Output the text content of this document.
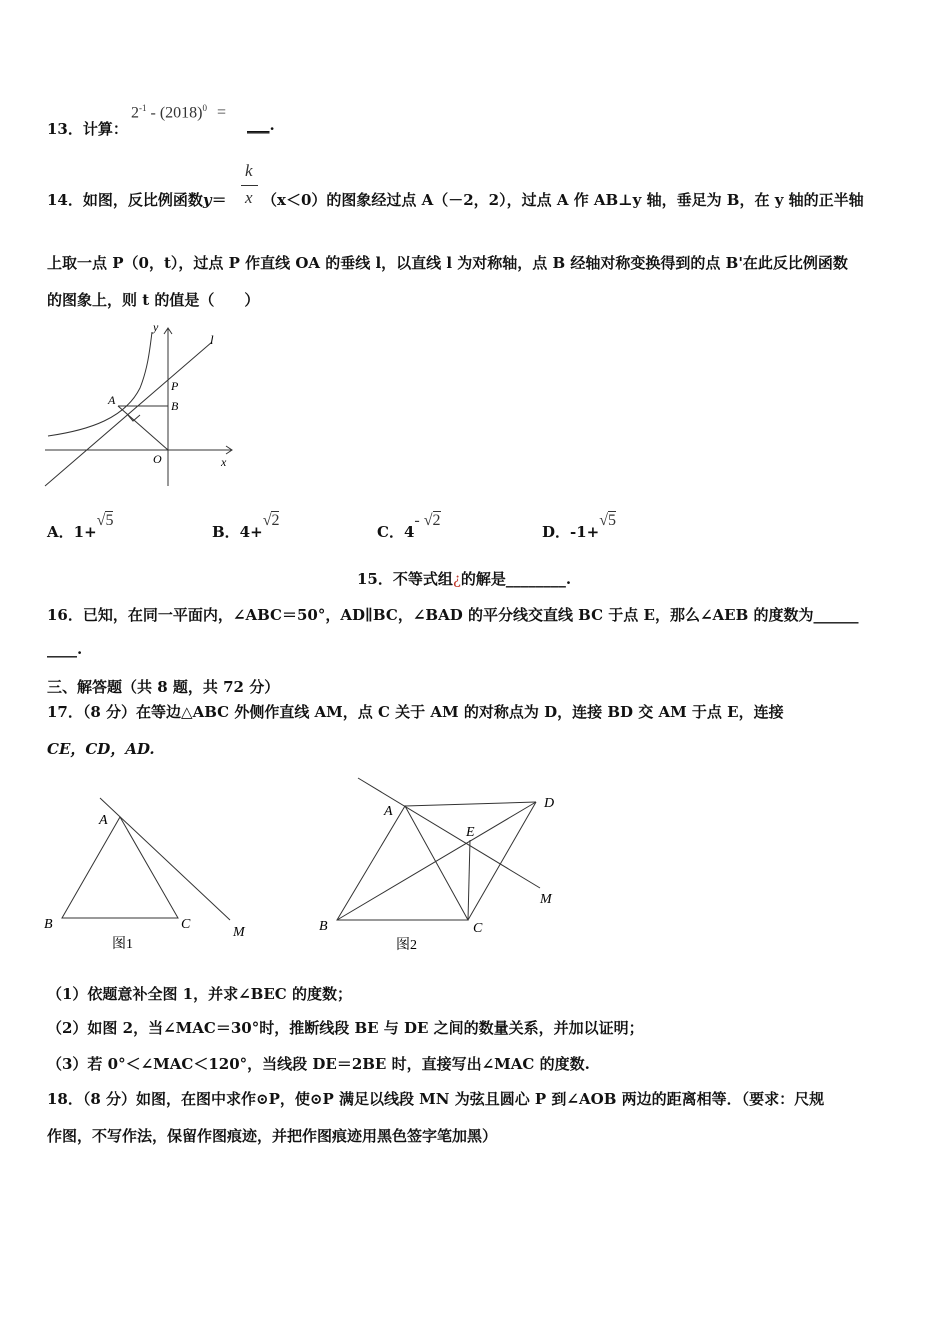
13．计算：
$2^{-1} - (2018)^0$ =
___.
k
x
14．如图，反比例函数y＝ （x＜0）的图象经过点 A（－2，2），过点 A 作 AB⊥y 轴，垂足为 B，在 y 轴的正半轴
上取一点 P（0，t），过点 P 作直线 OA 的垂线 l，以直线 l 为对称轴，点 B 经轴对称变换得到的点 B'在此反比例函数
的图象上，则 t 的值是（　　）
y
l
P
A	B
O	x
A．1+√5
B．4+√2
C．4- √2
D．-1+√5
15．不等式组¿的解是________.
16．已知，在同一平面内，∠ABC＝50°，AD∥BC，∠BAD 的平分线交直线 BC 于点 E，那么∠AEB 的度数为______
____.
三、解答题（共 8 题，共 72 分）
17．（8 分）在等边△ABC 外侧作直线 AM，点 C 关于 AM 的对称点为 D，连接 BD 交 AM 于点 E，连接
CE，CD，AD.
A
B	C
M
图1
A
D
E
M
B	C
图2
（1）依题意补全图 1，并求∠BEC 的度数；
（2）如图 2，当∠MAC＝30°时，推断线段 BE 与 DE 之间的数量关系，并加以证明；
（3）若 0°＜∠MAC＜120°，当线段 DE＝2BE 时，直接写出∠MAC 的度数.
18．（8 分）如图，在图中求作⊙P，使⊙P 满足以线段 MN 为弦且圆心 P 到∠AOB 两边的距离相等．（要求：尺规
作图，不写作法，保留作图痕迹，并把作图痕迹用黑色签字笔加黑）
